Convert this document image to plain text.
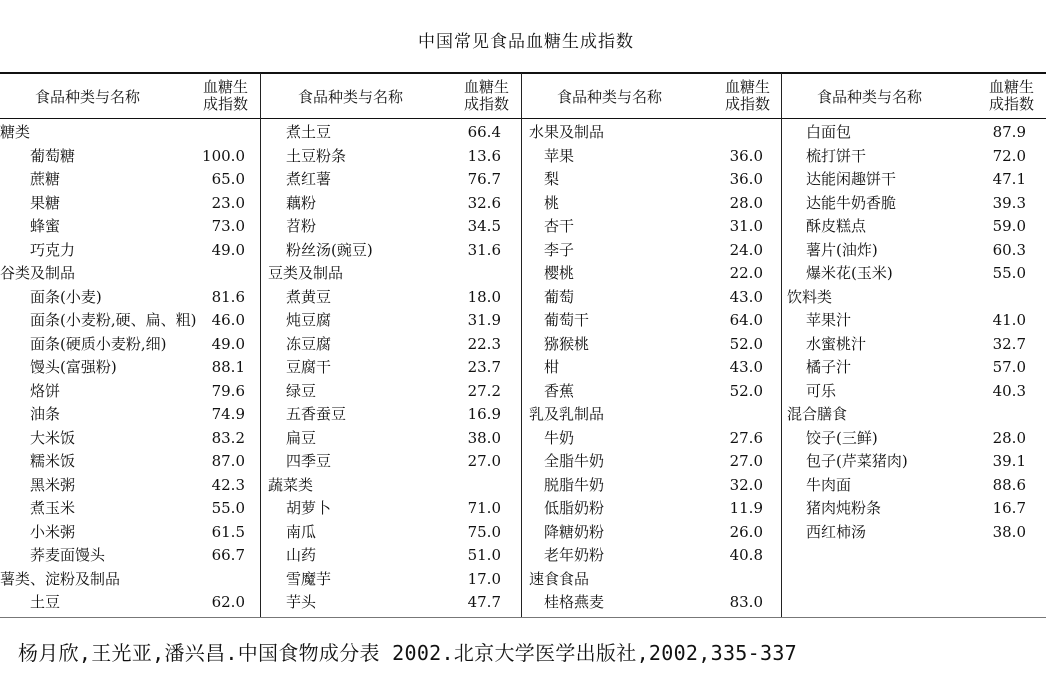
中国常见食品血糖生成指数
食品种类与名称
血糖生
成指数
糖类
葡萄糖	100.0
蔗糖	65.0
果糖	23.0
蜂蜜	73.0
巧克力	49.0
谷类及制品
面条(小麦)	81.6
面条(小麦粉,硬、扁、粗)	46.0
面条(硬质小麦粉,细)	49.0
馒头(富强粉)	88.1
烙饼	79.6
油条	74.9
大米饭	83.2
糯米饭	87.0
黑米粥	42.3
煮玉米	55.0
小米粥	61.5
荞麦面馒头	66.7
薯类、淀粉及制品
土豆	62.0
食品种类与名称
血糖生
成指数
煮土豆	66.4
土豆粉条	13.6
煮红薯	76.7
藕粉	32.6
苕粉	34.5
粉丝汤(豌豆)	31.6
豆类及制品
煮黄豆	18.0
炖豆腐	31.9
冻豆腐	22.3
豆腐干	23.7
绿豆	27.2
五香蚕豆	16.9
扁豆	38.0
四季豆	27.0
蔬菜类
胡萝卜	71.0
南瓜	75.0
山药	51.0
雪魔芋	17.0
芋头	47.7
食品种类与名称
血糖生
成指数
水果及制品
苹果	36.0
梨	36.0
桃	28.0
杏干	31.0
李子	24.0
樱桃	22.0
葡萄	43.0
葡萄干	64.0
猕猴桃	52.0
柑	43.0
香蕉	52.0
乳及乳制品
牛奶	27.6
全脂牛奶	27.0
脱脂牛奶	32.0
低脂奶粉	11.9
降糖奶粉	26.0
老年奶粉	40.8
速食食品
桂格燕麦	83.0
食品种类与名称
血糖生
成指数
白面包	87.9
梳打饼干	72.0
达能闲趣饼干	47.1
达能牛奶香脆	39.3
酥皮糕点	59.0
薯片(油炸)	60.3
爆米花(玉米)	55.0
饮料类
苹果汁	41.0
水蜜桃汁	32.7
橘子汁	57.0
可乐	40.3
混合膳食
饺子(三鲜)	28.0
包子(芹菜猪肉)	39.1
牛肉面	88.6
猪肉炖粉条	16.7
西红柿汤	38.0
杨月欣,王光亚,潘兴昌.中国食物成分表 2002.北京大学医学出版社,2002,335-337
